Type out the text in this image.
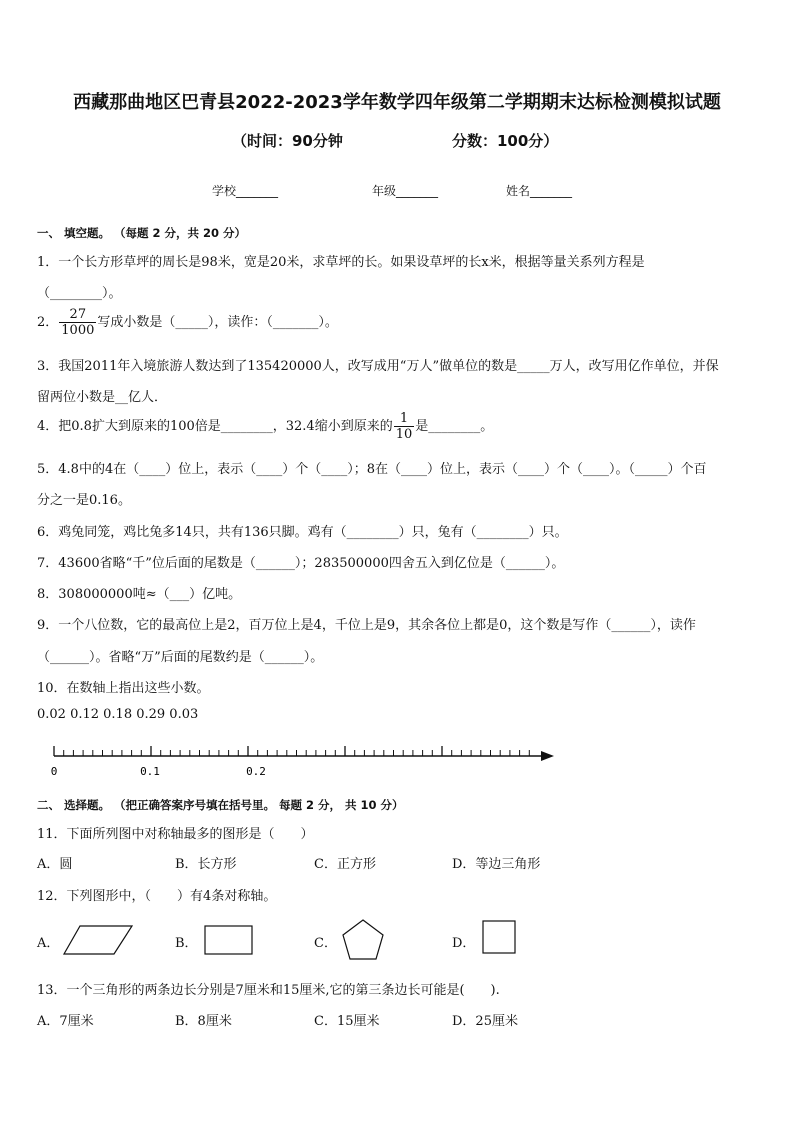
西藏那曲地区巴青县2022-2023学年数学四年级第二学期期末达标检测模拟试题
（时间：90分钟	分数：100分）
学校_______	年级_______	姓名_______
一、 填空题。 （每题 2 分，共 20 分）
1．一个长方形草坪的周长是98米，宽是20米，求草坪的长。如果设草坪的长x米，根据等量关系列方程是
（________）。
2． $\frac{27}{1000}$ 写成小数是（_____），读作：（_______）。
3．我国2011年入境旅游人数达到了135420000人，改写成用“万人”做单位的数是_____万人，改写用亿作单位，并保
留两位小数是__亿人．
4．把0.8扩大到原来的100倍是________，32.4缩小到原来的 $\frac{1}{10}$ 是________。
5．4.8中的4在（____）位上，表示（____）个（____）；8在（____）位上，表示（____）个（____）。（_____）个百
分之一是0.16。
6．鸡兔同笼，鸡比兔多14只，共有136只脚。鸡有（________）只，兔有（________）只。
7．43600省略“千”位后面的尾数是（______）；283500000四舍五入到亿位是（______）。
8．308000000吨≈（___）亿吨。
9．一个八位数，它的最高位上是2，百万位上是4，千位上是9，其余各位上都是0，这个数是写作（______），读作
（______）。省略“万”后面的尾数约是（______）。
10．在数轴上指出这些小数。
0.02 0.12 0.18 0.29 0.03
0	0.1	0.2
二、 选择题。 （把正确答案序号填在括号里。 每题 2 分， 共 10 分）
11．下面所列图中对称轴最多的图形是（　　）
A．圆	B．长方形	C．正方形	D．等边三角形
12．下列图形中，（　　）有4条对称轴。
A．	B．	C．	D．
13．一个三角形的两条边长分别是7厘米和15厘米,它的第三条边长可能是(　　).
A．7厘米	B．8厘米	C．15厘米	D．25厘米
